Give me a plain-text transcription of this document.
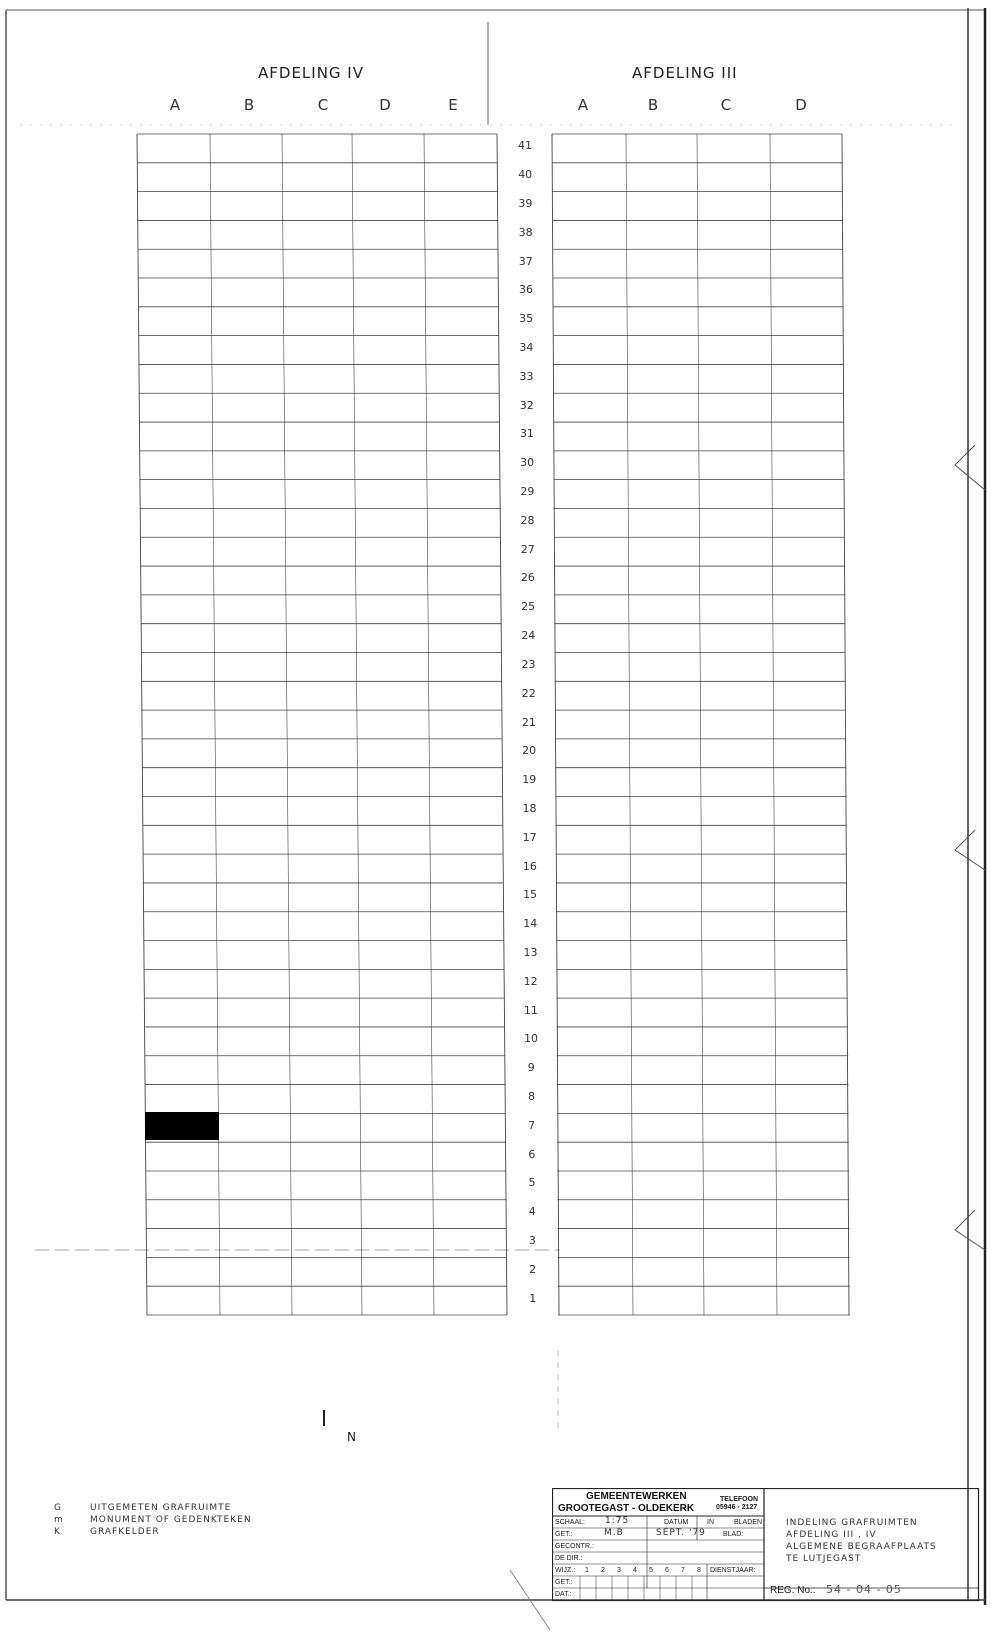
AFDELING IV	AFDELING III
A	B	C	D	E	A	B	C	D
41
40
39
38
37
36
35
34
33
32
31
30
29
28
27
26
25
24
23
22
21
20
19
18
17
16
15
14
13
12
11
10
9
8
7
6
5
4
3
2
1
N
G	UITGEMETEN GRAFRUIMTE
m	MONUMENT OF GEDENKTEKEN
K	GRAFKELDER
GEMEENTEWERKEN
GROOTEGAST - OLDEKERK
TELEFOON
05946 - 2127
SCHAAL: 1:75	DATUM	IN	BLADEN
GET.:	M.B	SEPT. '79 BLAD:
GECONTR.:
DE DIR.:
WIJZ.: 1 2 3 4 5 6 7 8 DIENSTJAAR:
GET.:
DAT.:
INDELING GRAFRUIMTEN
AFDELING III , IV
ALGEMENE BEGRAAFPLAATS
TE LUTJEGAST
REG. No.: 54 - 04 - 05
